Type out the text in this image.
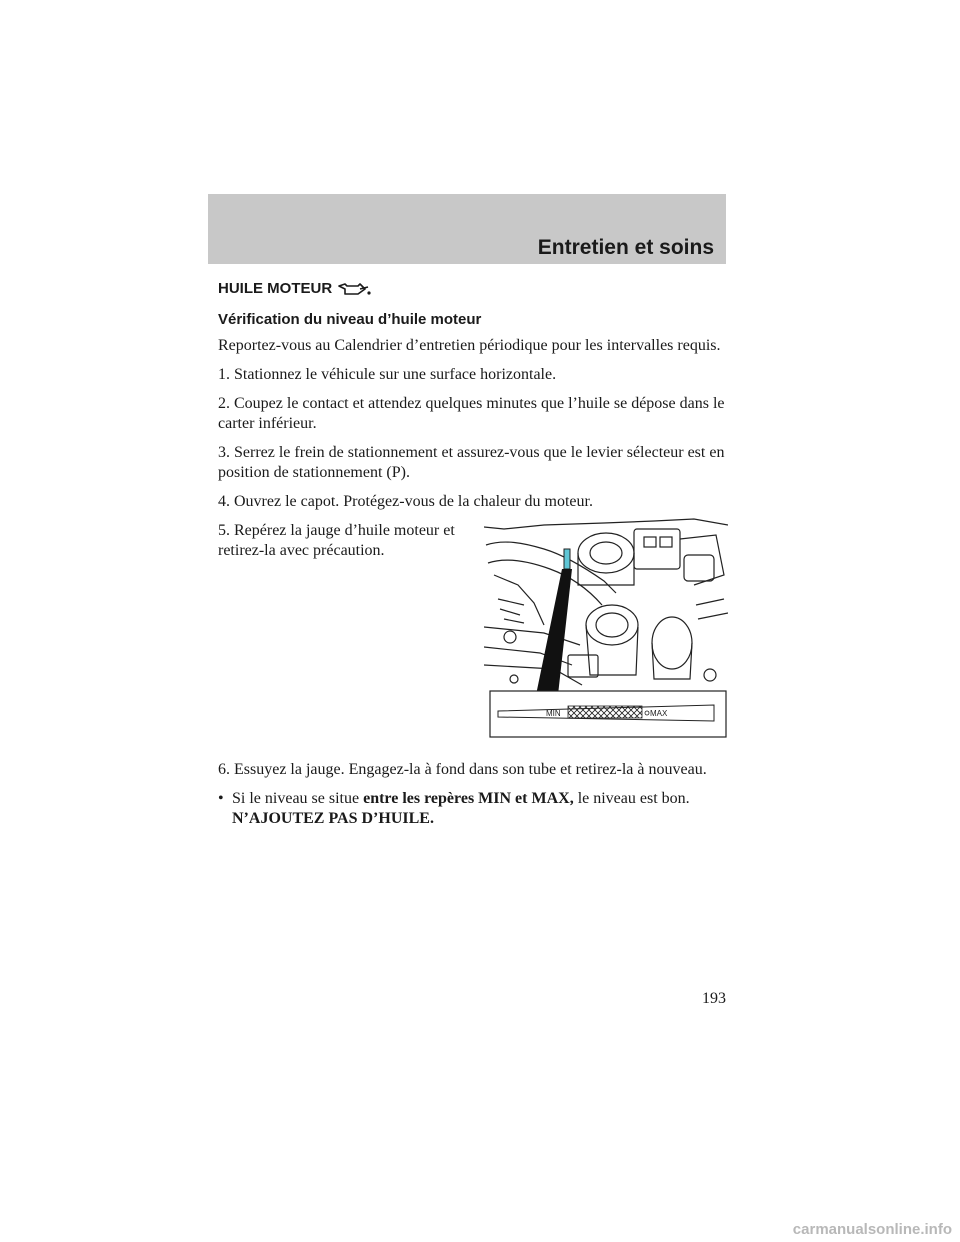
Entretien et soins
HUILE MOTEUR
Vérification du niveau d’huile moteur

Reportez-vous au Calendrier d’entretien périodique pour les intervalles requis.

1. Stationnez le véhicule sur une surface horizontale.

2. Coupez le contact et attendez quelques minutes que l’huile se dépose dans le carter inférieur.

3. Serrez le frein de stationnement et assurez-vous que le levier sélecteur est en position de stationnement (P).

4. Ouvrez le capot. Protégez-vous de la chaleur du moteur.

5. Repérez la jauge d’huile moteur et retirez-la avec précaution.

MIN	MAX

6. Essuyez la jauge. Engagez-la à fond dans son tube et retirez-la à nouveau.

• Si le niveau se situe entre les repères MIN et MAX, le niveau est bon. N’AJOUTEZ PAS D’HUILE.
193
carmanualsonline.info
